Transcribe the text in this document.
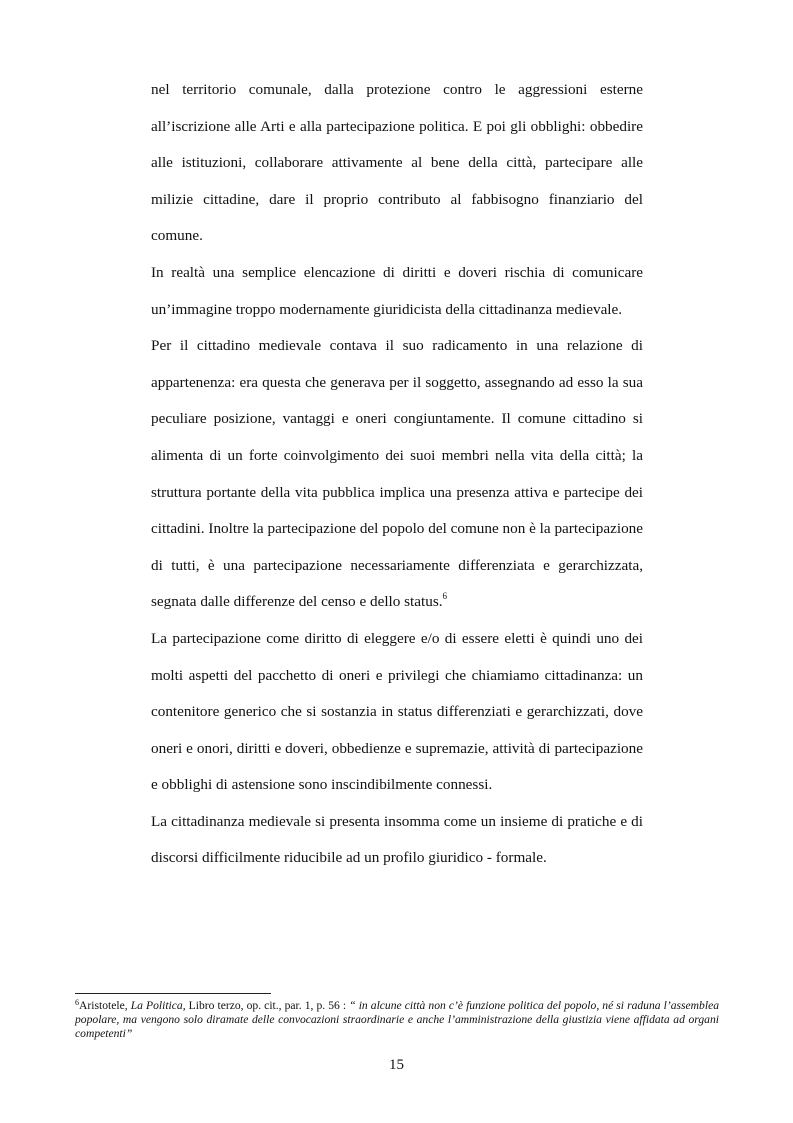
nel territorio comunale, dalla protezione contro le aggressioni esterne all’iscrizione alle Arti e alla partecipazione politica. E poi gli obblighi: obbedire alle istituzioni, collaborare attivamente al bene della città, partecipare alle milizie cittadine, dare il proprio contributo al fabbisogno finanziario del comune.

In realtà una semplice elencazione di diritti e doveri rischia di comunicare un’immagine troppo modernamente giuridicista della cittadinanza medievale.

Per il cittadino medievale contava il suo radicamento in una relazione di appartenenza: era questa che generava per il soggetto, assegnando ad esso la sua peculiare posizione, vantaggi e oneri congiuntamente. Il comune cittadino si alimenta di un forte coinvolgimento dei suoi membri nella vita della città; la struttura portante della vita pubblica implica una presenza attiva e partecipe dei cittadini. Inoltre la partecipazione del popolo del comune non è la partecipazione di tutti, è una partecipazione necessariamente differenziata e gerarchizzata, segnata dalle differenze del censo e dello status.$^6$

La partecipazione come diritto di eleggere e/o di essere eletti è quindi uno dei molti aspetti del pacchetto di oneri e privilegi che chiamiamo cittadinanza: un contenitore generico che si sostanzia in status differenziati e gerarchizzati, dove oneri e onori, diritti e doveri, obbedienze e supremazie, attività di partecipazione e obblighi di astensione sono inscindibilmente connessi.

La cittadinanza medievale si presenta insomma come un insieme di pratiche e di discorsi difficilmente riducibile ad un profilo giuridico - formale.

$^6$Aristotele, La Politica, Libro terzo, op. cit., par. 1, p. 56 : “ in alcune città non c’è funzione politica del popolo, né si raduna l’assemblea popolare, ma vengono solo diramate delle convocazioni straordinarie e anche l’amministrazione della giustizia viene affidata ad organi competenti”
15
